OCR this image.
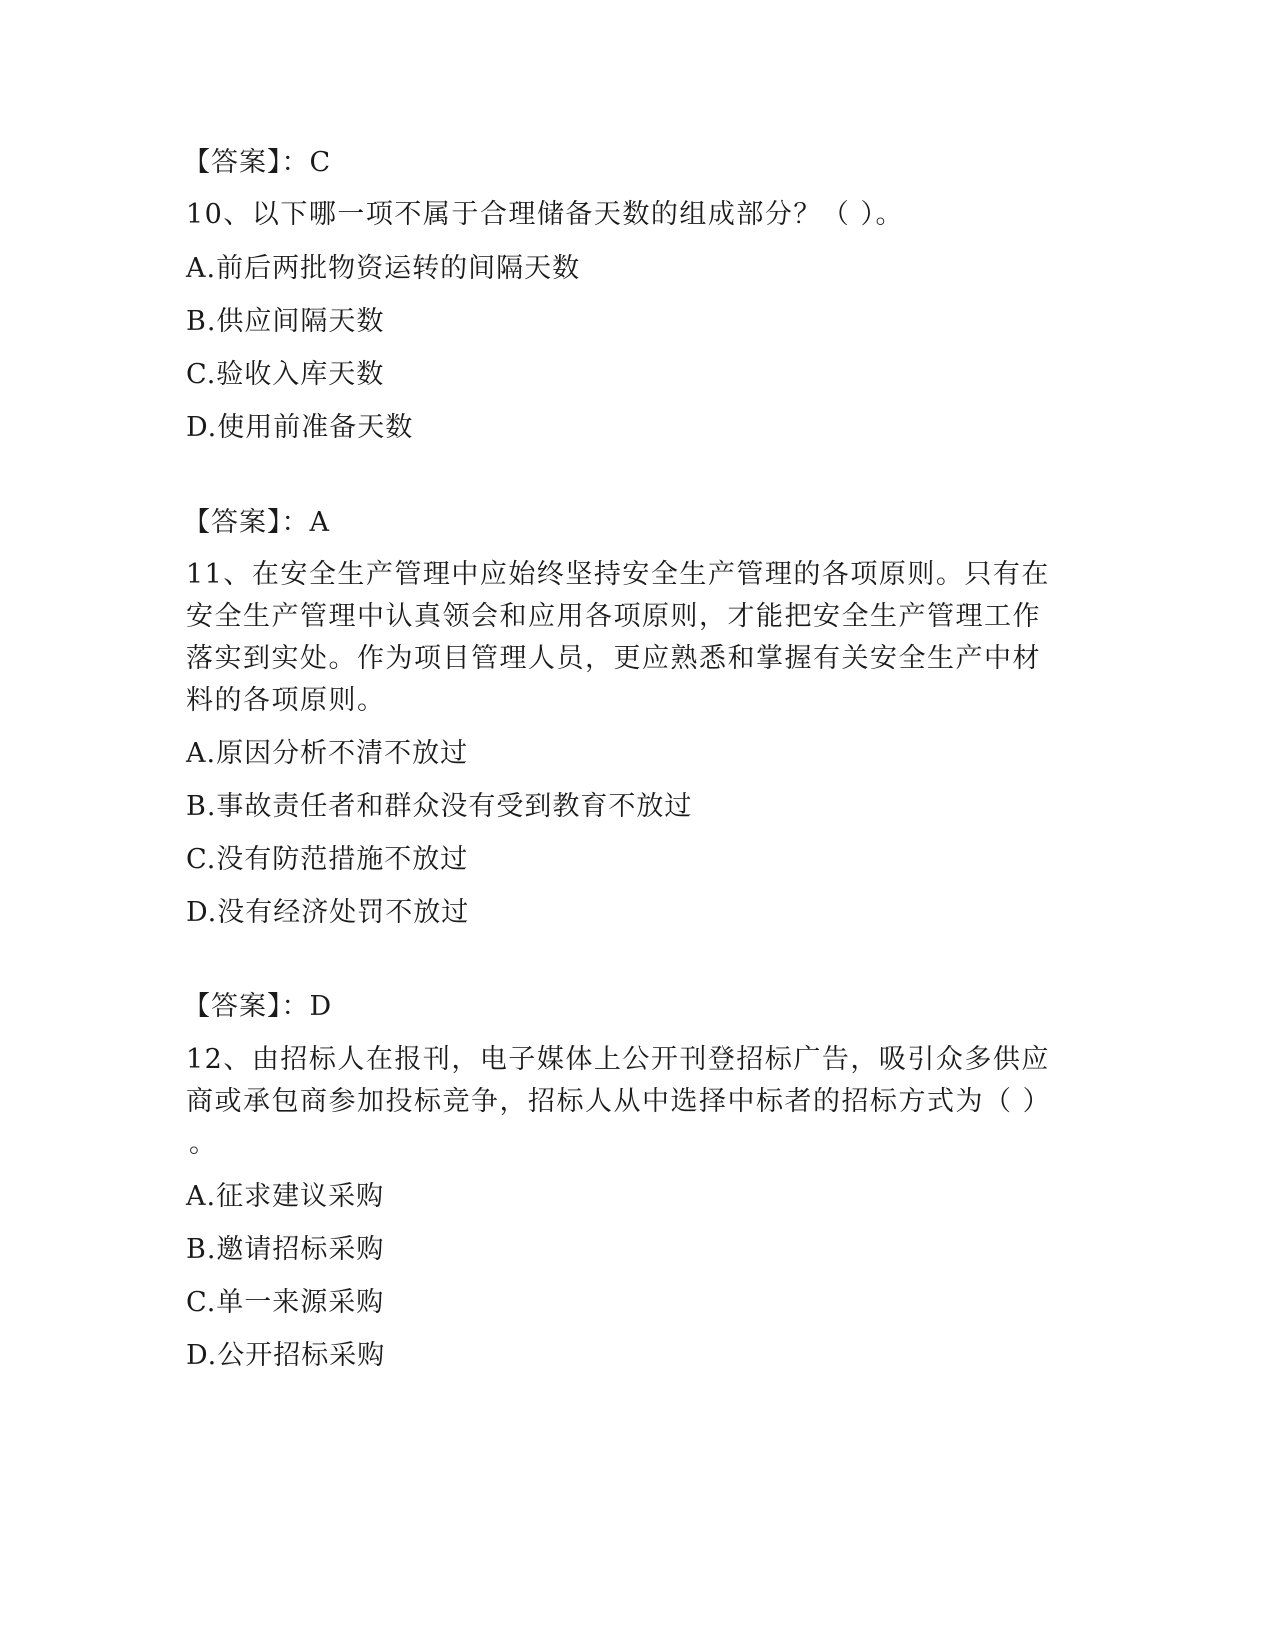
【答案】：C
10、以下哪一项不属于合理储备天数的组成部分？（ ）。
A.前后两批物资运转的间隔天数
B.供应间隔天数
C.验收入库天数
D.使用前准备天数
【答案】：A
11、在安全生产管理中应始终坚持安全生产管理的各项原则。只有在
安全生产管理中认真领会和应用各项原则，才能把安全生产管理工作
落实到实处。作为项目管理人员，更应熟悉和掌握有关安全生产中材
料的各项原则。
A.原因分析不清不放过
B.事故责任者和群众没有受到教育不放过
C.没有防范措施不放过
D.没有经济处罚不放过
【答案】：D
12、由招标人在报刊，电子媒体上公开刊登招标广告，吸引众多供应
商或承包商参加投标竞争，招标人从中选择中标者的招标方式为（ ）
。
A.征求建议采购
B.邀请招标采购
C.单一来源采购
D.公开招标采购
